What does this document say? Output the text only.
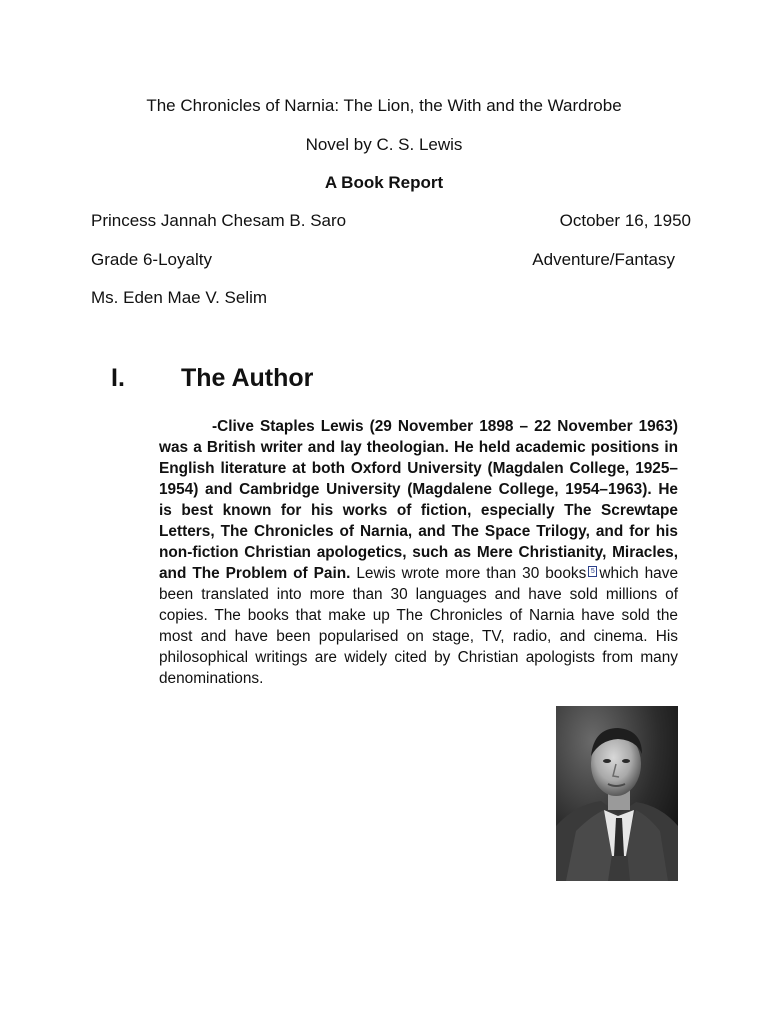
The Chronicles of Narnia: The Lion, the With and the Wardrobe
Novel by C. S. Lewis
A Book Report
Princess Jannah Chesam B. Saro	October 16, 1950
Grade 6-Loyalty	Adventure/Fantasy
Ms. Eden Mae V. Selim
I. The Author
-Clive Staples Lewis (29 November 1898 – 22 November 1963) was a British writer and lay theologian. He held academic positions in English literature at both Oxford University (Magdalen College, 1925–1954) and Cambridge University (Magdalene College, 1954–1963). He is best known for his works of fiction, especially The Screwtape Letters, The Chronicles of Narnia, and The Space Trilogy, and for his non-fiction Christian apologetics, such as Mere Christianity, Miracles, and The Problem of Pain. Lewis wrote more than 30 books 5 which have been translated into more than 30 languages and have sold millions of copies. The books that make up The Chronicles of Narnia have sold the most and have been popularised on stage, TV, radio, and cinema. His philosophical writings are widely cited by Christian apologists from many denominations.
